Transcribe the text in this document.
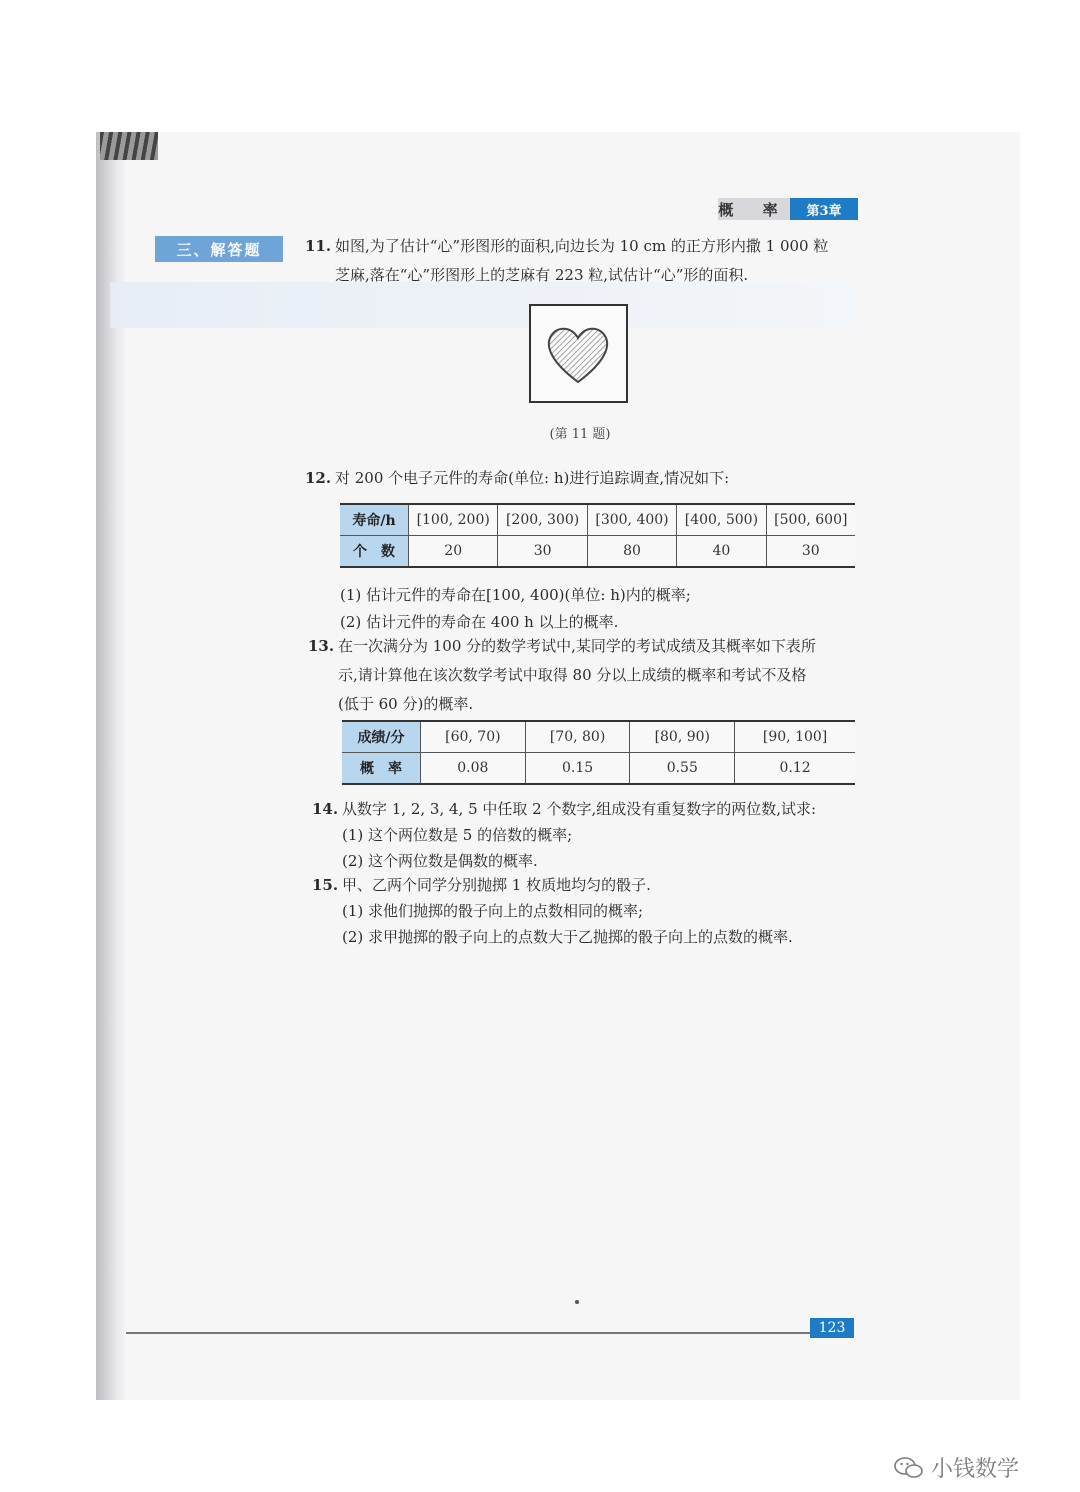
概 率	第3章
三、解答题	11. 如图,为了估计“心”形图形的面积,向边长为 10 cm 的正方形内撒 1 000 粒
芝麻,落在“心”形图形上的芝麻有 223 粒,试估计“心”形的面积.
(第 11 题)
12. 对 200 个电子元件的寿命(单位: h)进行追踪调查,情况如下:
寿命/h	[100, 200)	[200, 300)	[300, 400)	[400, 500)	[500, 600]
个　数	20	30	80	40	30
(1) 估计元件的寿命在[100, 400)(单位: h)内的概率;
(2) 估计元件的寿命在 400 h 以上的概率.
13. 在一次满分为 100 分的数学考试中,某同学的考试成绩及其概率如下表所
示,请计算他在该次数学考试中取得 80 分以上成绩的概率和考试不及格
(低于 60 分)的概率.
成绩/分	[60, 70)	[70, 80)	[80, 90)	[90, 100]
概　率	0.08	0.15	0.55	0.12
14. 从数字 1, 2, 3, 4, 5 中任取 2 个数字,组成没有重复数字的两位数,试求:
(1) 这个两位数是 5 的倍数的概率;
(2) 这个两位数是偶数的概率.
15. 甲、乙两个同学分别抛掷 1 枚质地均匀的骰子.
(1) 求他们抛掷的骰子向上的点数相同的概率;
(2) 求甲抛掷的骰子向上的点数大于乙抛掷的骰子向上的点数的概率.
123
小钱数学
